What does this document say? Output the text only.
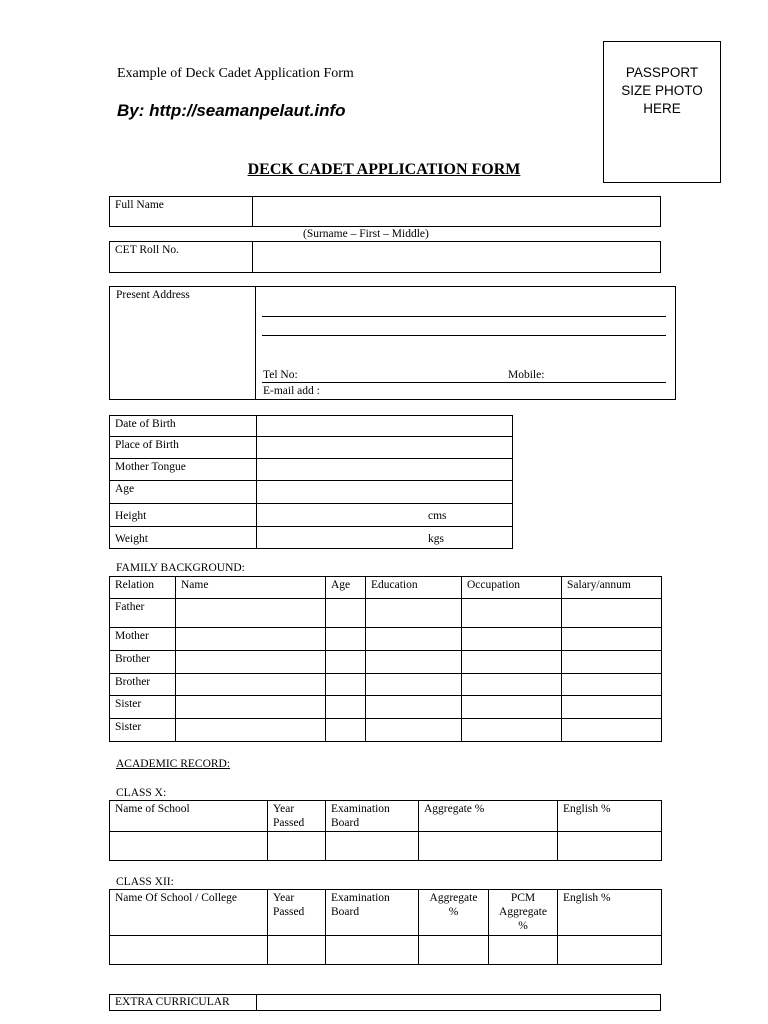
Example of Deck Cadet Application Form
By: http://seamanpelaut.info
DECK CADET APPLICATION FORM
PASSPORT SIZE PHOTO HERE
Full Name	
(Surname – First – Middle)
CET Roll No.	
Present Address
Tel No:	Mobile:
E-mail add :
Date of Birth	
Place of Birth	
Mother Tongue	
Age	
Height	cms
Weight	kgs
FAMILY BACKGROUND:
Relation	Name	Age	Education	Occupation	Salary/annum
Father					
Mother					
Brother					
Brother					
Sister					
Sister					
ACADEMIC RECORD:
CLASS X:
Name of School	Year Passed	Examination Board	Aggregate %	English %

CLASS XII:
Name Of School / College	Year Passed	Examination Board	Aggregate %	PCM Aggregate %	English %

EXTRA CURRICULAR	
